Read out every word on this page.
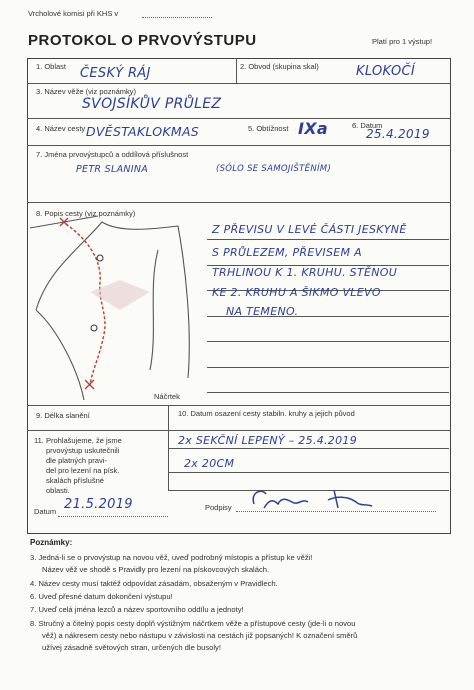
Vrcholové komisi při KHS v
PROTOKOL O PRVOVÝSTUPU	Platí pro 1 výstup!
1. Oblast ČESKÝ RÁJ	2. Obvod (skupina skal)	KLOKOČÍ
3. Název věže (viz poznámky)
SVOJSÍKŮV PRŮLEZ
4. Název cesty DVĚSTAKLOKMAS	5. Obtížnost IXa	6. Datum
25.4.2019
7. Jména prvovýstupců a oddílová příslušnost
PETR SLANINA	(SÓLO SE SAMOJIŠTĚNÍM)
8. Popis cesty (viz poznámky)
Z PŘEVISU V LEVÉ ČÁSTI JESKYNĚ
S PRŮLEZEM, PŘEVISEM A
TRHLINOU K 1. KRUHU. STĚNOU
KE 2. KRUHU A ŠIKMO VLEVO
NA TEMENO.
Náčrtek
9. Délka slanění	10. Datum osazení cesty stabiln. kruhy a jejich původ
11. Prohlašujeme, že jsme
prvovýstup uskutečnili
dle platných pravi-
del pro lezení na písk.
skalách příslušné
oblasti.
2x SEKČNÍ LEPENÝ – 25.4.2019
2x 20CM
Datum 21.5.2019	Podpisy
Poznámky:
3. Jedná-li se o prvovýstup na novou věž, uveď podrobný místopis a přístup ke věži!
Název věž ve shodě s Pravidly pro lezení na pískovcových skalách.
4. Název cesty musí taktéž odpovídat zásadám, obsaženým v Pravidlech.
6. Uveď přesné datum dokončení výstupu!
7. Uveď celá jména lezců a název sportovního oddílu a jednoty!
8. Stručný a čitelný popis cesty doplň výstižným náčrtkem věže a přístupové cesty (jde-li o novou
věž) a nákresem cesty nebo nástupu v závislosti na cestách již popsaných! K označení směrů
užívej zásadně světových stran, určených dle busoly!
